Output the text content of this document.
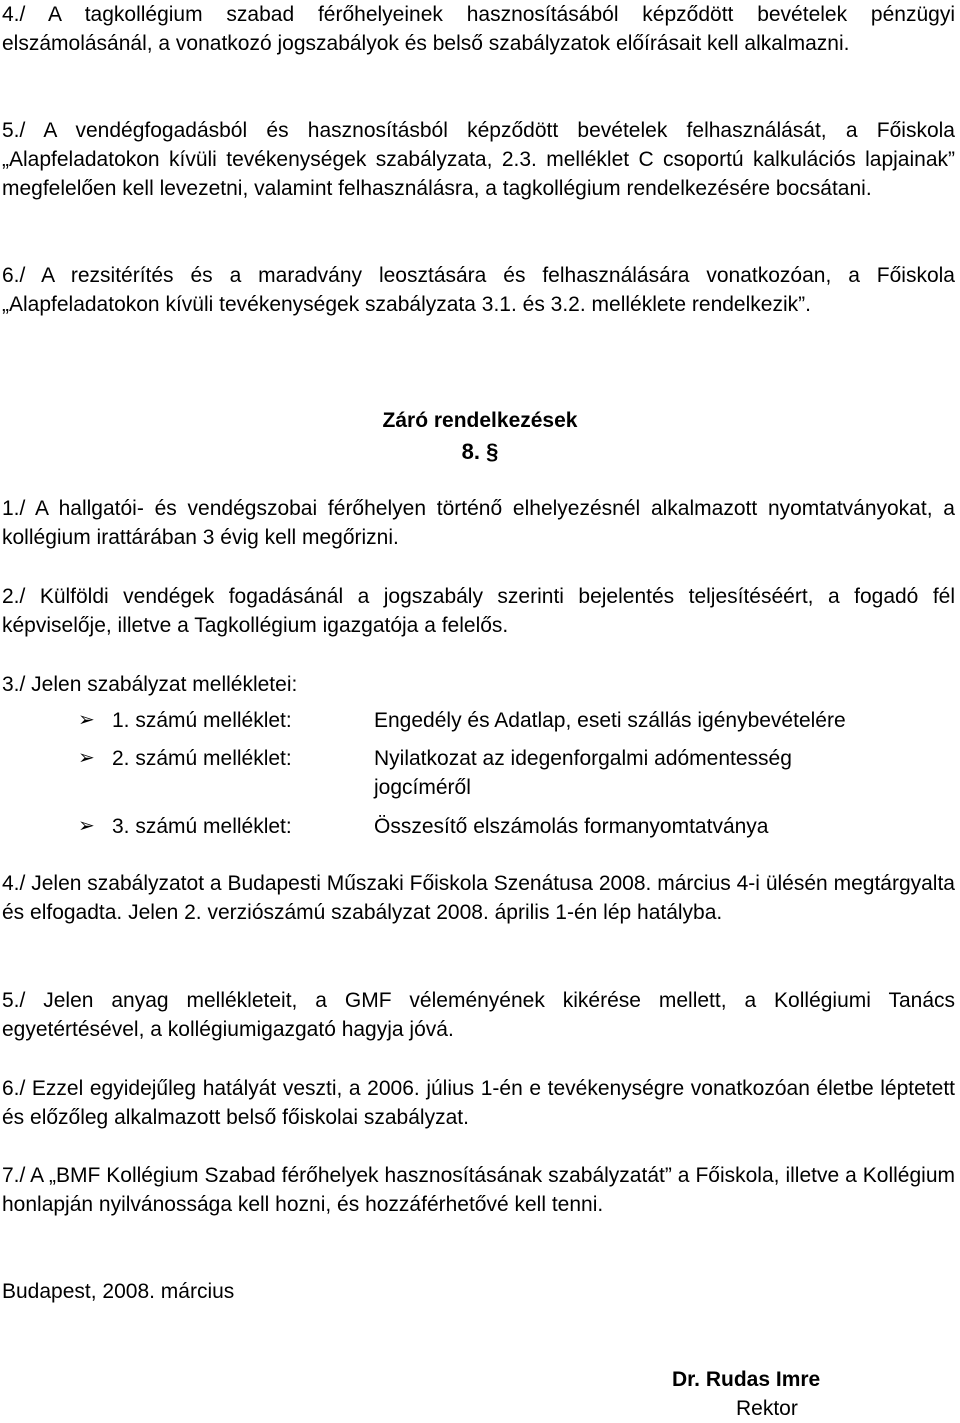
4./ A tagkollégium szabad férőhelyeinek hasznosításából képződött bevételek pénzügyi elszámolásánál, a vonatkozó jogszabályok és belső szabályzatok előírásait kell alkalmazni.

5./ A vendégfogadásból és hasznosításból képződött bevételek felhasználását, a Főiskola „Alapfeladatokon kívüli tevékenységek szabályzata, 2.3. melléklet C csoportú kalkulációs lapjainak” megfelelően kell levezetni, valamint felhasználásra, a tagkollégium rendelkezésére bocsátani.

6./ A rezsitérítés és a maradvány leosztására és felhasználására vonatkozóan, a Főiskola „Alapfeladatokon kívüli tevékenységek szabályzata 3.1. és 3.2. melléklete rendelkezik”.

Záró rendelkezések
8. §

1./ A hallgatói- és vendégszobai férőhelyen történő elhelyezésnél alkalmazott nyomtatványokat, a kollégium irattárában 3 évig kell megőrizni.

2./ Külföldi vendégek fogadásánál a jogszabály szerinti bejelentés teljesítéséért, a fogadó fél képviselője, illetve a Tagkollégium igazgatója a felelős.

3./ Jelen szabályzat mellékletei:

➢ 1. számú melléklet:	Engedély és Adatlap, eseti szállás igénybevételére
➢ 2. számú melléklet:	Nyilatkozat az idegenforgalmi adómentesség jogcíméről
➢ 3. számú melléklet:	Összesítő elszámolás formanyomtatványa

4./ Jelen szabályzatot a Budapesti Műszaki Főiskola Szenátusa 2008. március 4-i ülésén megtárgyalta és elfogadta. Jelen 2. verziószámú szabályzat 2008. április 1-én lép hatályba.

5./ Jelen anyag mellékleteit, a GMF véleményének kikérése mellett, a Kollégiumi Tanács egyetértésével, a kollégiumigazgató hagyja jóvá.

6./ Ezzel egyidejűleg hatályát veszti, a 2006. július 1-én e tevékenységre vonatkozóan életbe léptetett és előzőleg alkalmazott belső főiskolai szabályzat.

7./ A „BMF Kollégium Szabad férőhelyek hasznosításának szabályzatát” a Főiskola, illetve a Kollégium honlapján nyilvánossága kell hozni, és hozzáférhetővé kell tenni.

Budapest, 2008. március

Dr. Rudas Imre
Rektor
